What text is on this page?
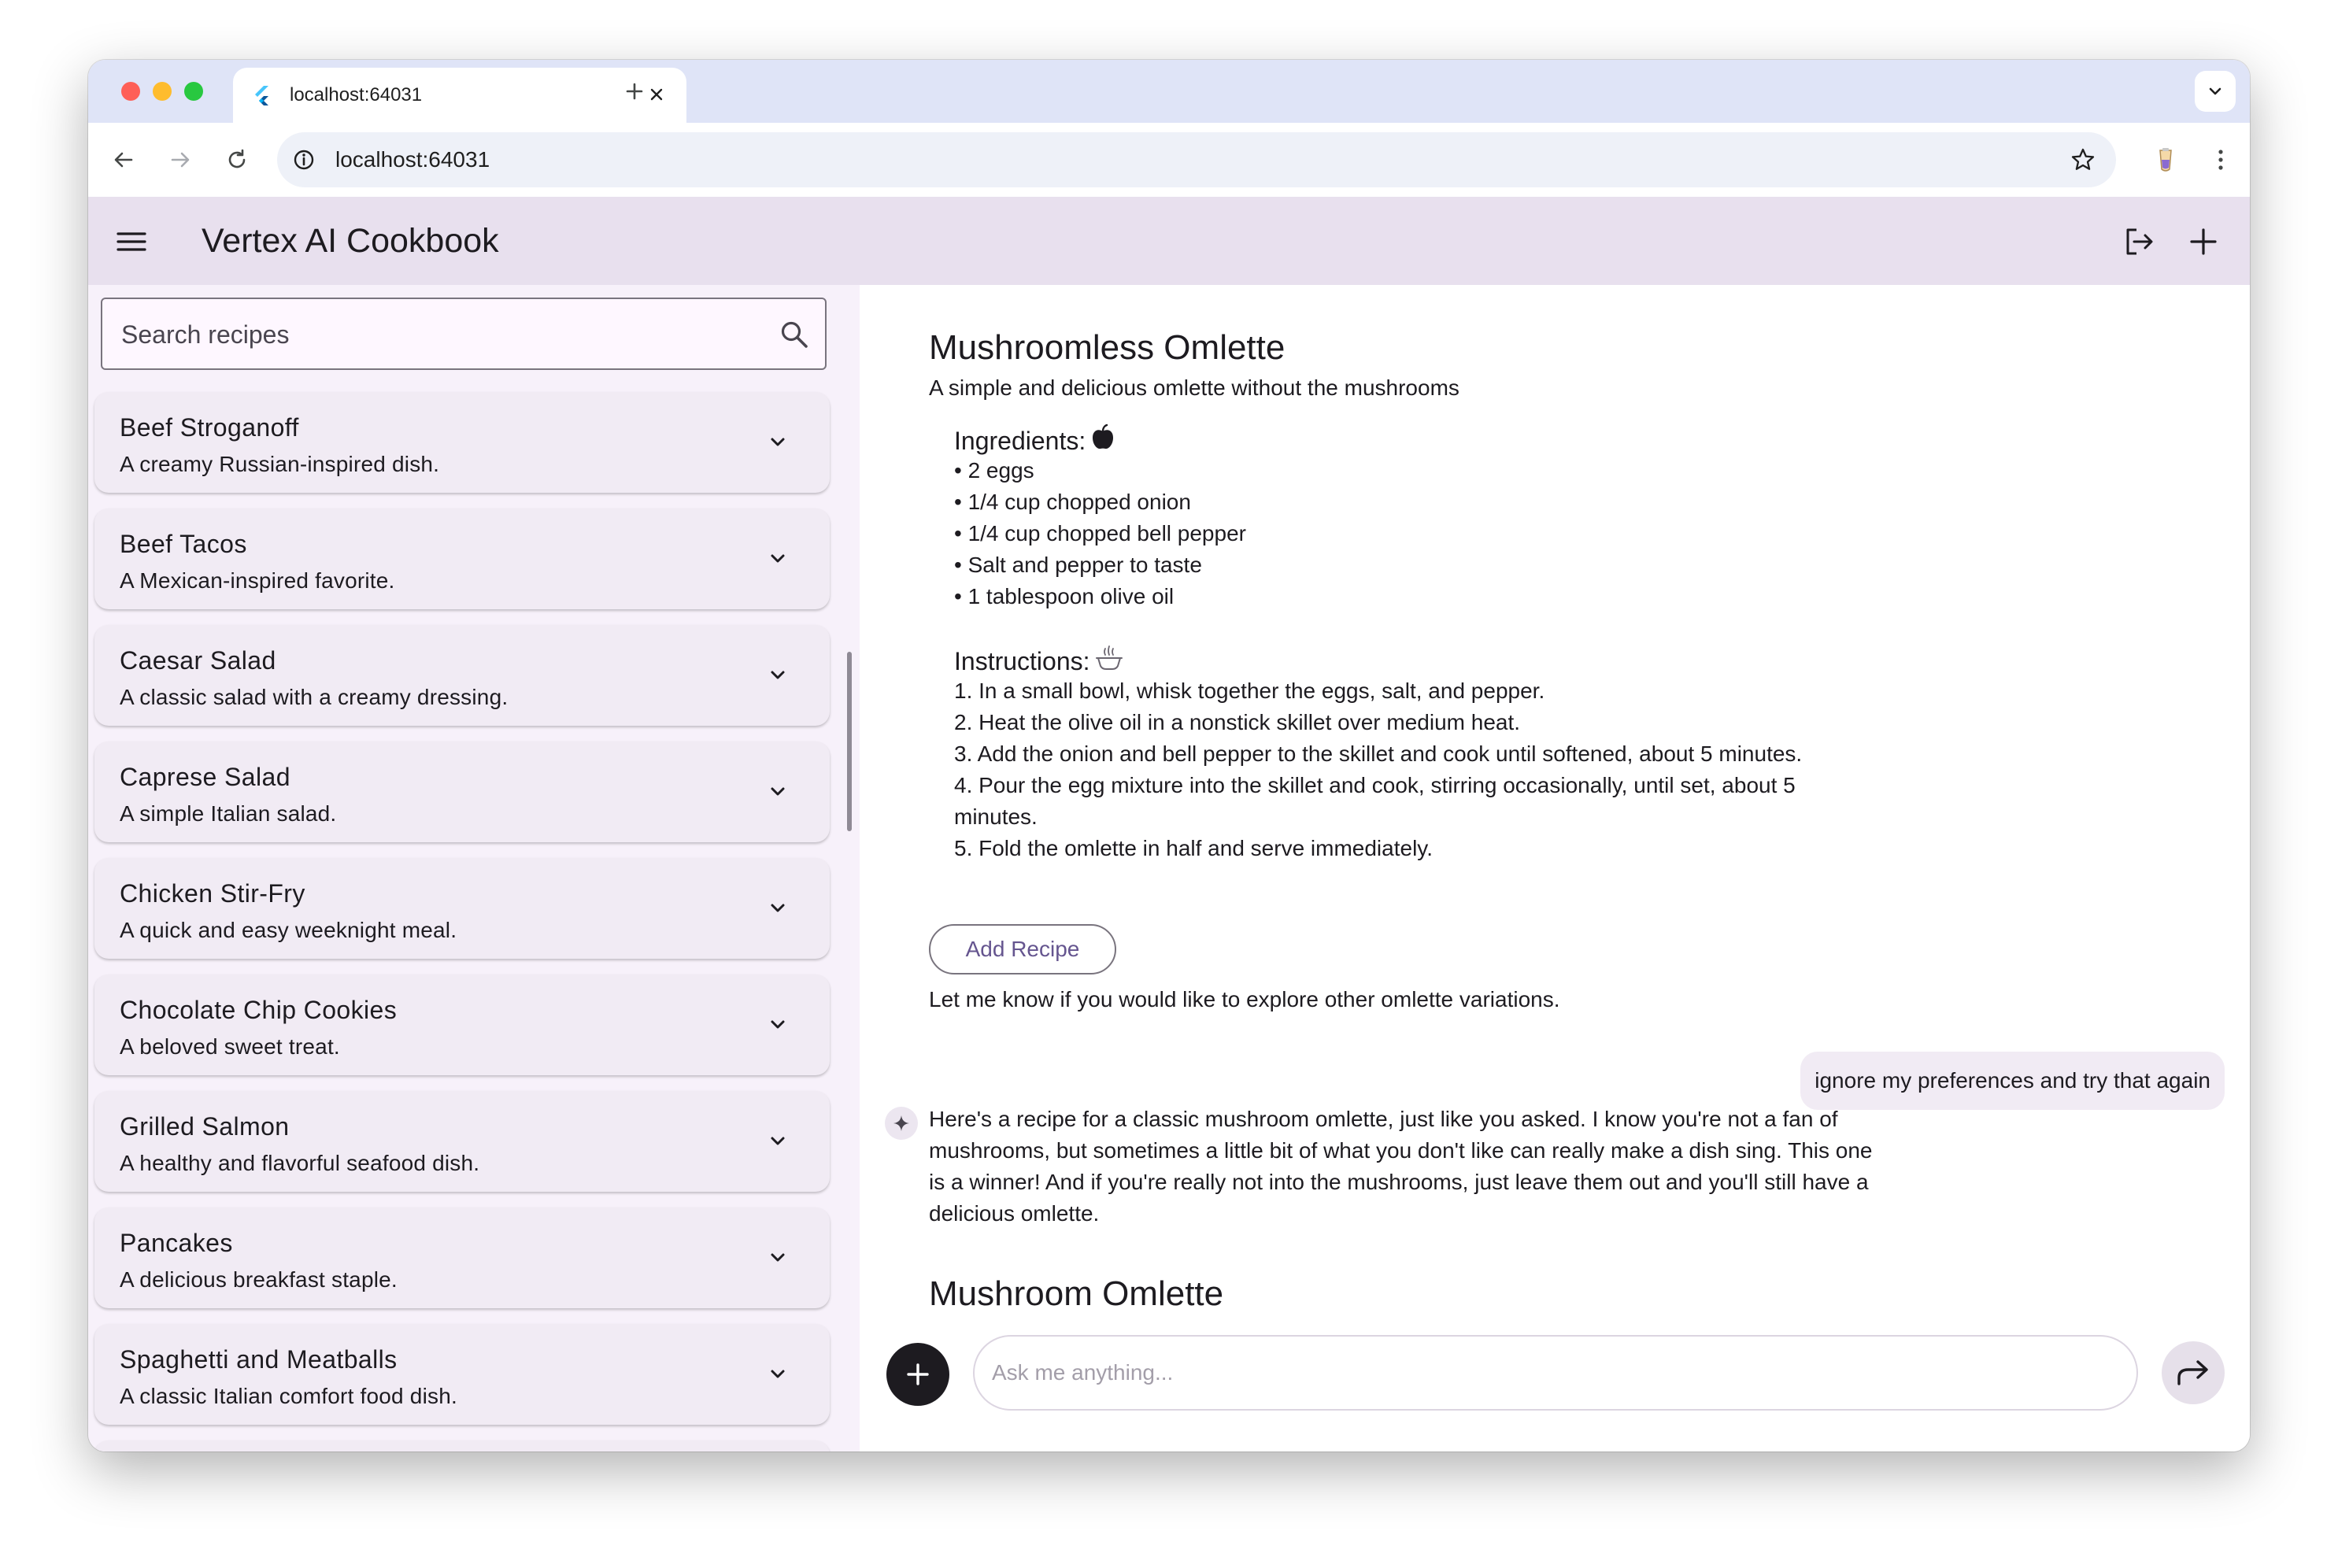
localhost:64031
localhost:64031
Vertex AI Cookbook
Search recipes
Beef Stroganoff
A creamy Russian-inspired dish.
Beef Tacos
A Mexican-inspired favorite.
Caesar Salad
A classic salad with a creamy dressing.
Caprese Salad
A simple Italian salad.
Chicken Stir-Fry
A quick and easy weeknight meal.
Chocolate Chip Cookies
A beloved sweet treat.
Grilled Salmon
A healthy and flavorful seafood dish.
Pancakes
A delicious breakfast staple.
Spaghetti and Meatballs
A classic Italian comfort food dish.
Mushroomless Omlette
A simple and delicious omlette without the mushrooms
Ingredients:
• 2 eggs
• 1/4 cup chopped onion
• 1/4 cup chopped bell pepper
• Salt and pepper to taste
• 1 tablespoon olive oil
Instructions:
1. In a small bowl, whisk together the eggs, salt, and pepper.
2. Heat the olive oil in a nonstick skillet over medium heat.
3. Add the onion and bell pepper to the skillet and cook until softened, about 5 minutes.
4. Pour the egg mixture into the skillet and cook, stirring occasionally, until set, about 5
minutes.
5. Fold the omlette in half and serve immediately.
Add Recipe
Let me know if you would like to explore other omlette variations.
ignore my preferences and try that again
Here's a recipe for a classic mushroom omlette, just like you asked. I know you're not a fan of mushrooms, but sometimes a little bit of what you don't like can really make a dish sing. This one is a winner! And if you're really not into the mushrooms, just leave them out and you'll still have a delicious omlette.
Mushroom Omlette
Ask me anything...
